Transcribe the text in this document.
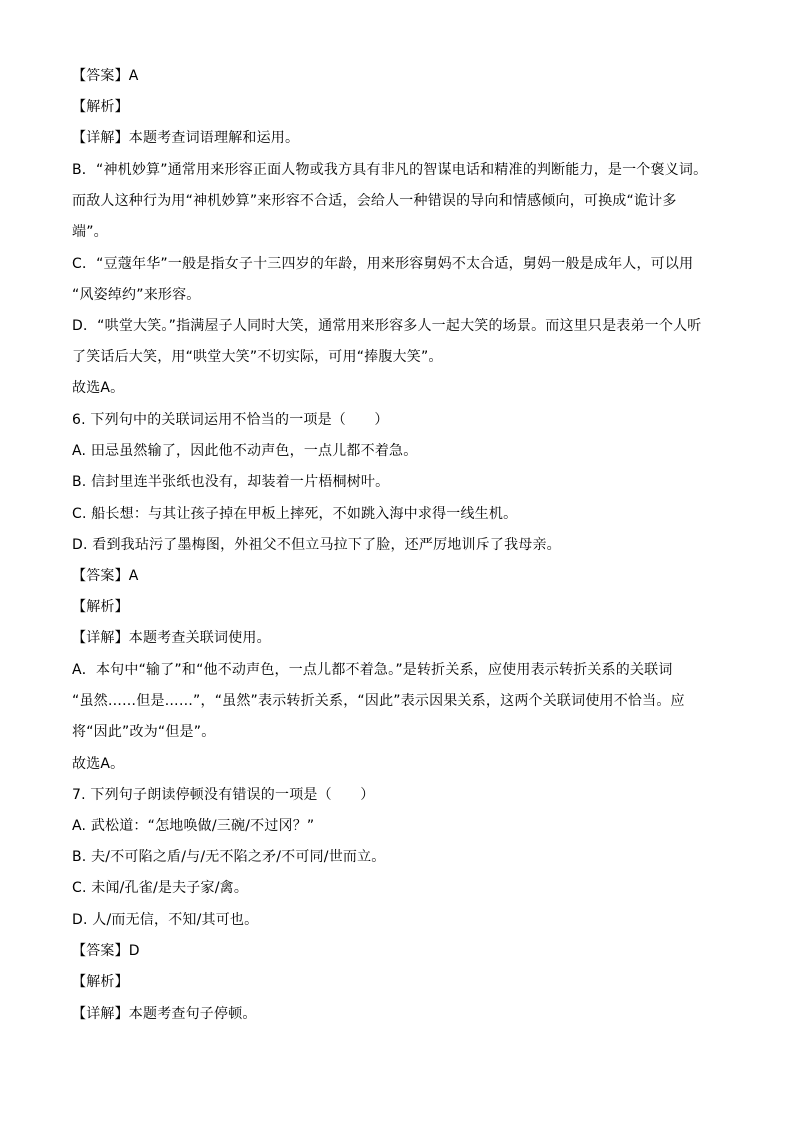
【答案】A
【解析】
【详解】本题考查词语理解和运用。
B．“神机妙算”通常用来形容正面人物或我方具有非凡的智谋电话和精准的判断能力，是一个褒义词。
而敌人这种行为用“神机妙算”来形容不合适，会给人一种错误的导向和情感倾向，可换成“诡计多
端”。
C．“豆蔻年华”一般是指女子十三四岁的年龄，用来形容舅妈不太合适，舅妈一般是成年人，可以用
“风姿绰约”来形容。
D．“哄堂大笑。”指满屋子人同时大笑，通常用来形容多人一起大笑的场景。而这里只是表弟一个人听
了笑话后大笑，用“哄堂大笑”不切实际，可用“捧腹大笑”。
故选A。
6. 下列句中的关联词运用不恰当的一项是（　　）
A. 田忌虽然输了，因此他不动声色，一点儿都不着急。
B. 信封里连半张纸也没有，却装着一片梧桐树叶。
C. 船长想：与其让孩子掉在甲板上摔死，不如跳入海中求得一线生机。
D. 看到我玷污了墨梅图，外祖父不但立马拉下了脸，还严厉地训斥了我母亲。
【答案】A
【解析】
【详解】本题考查关联词使用。
A．本句中“输了”和“他不动声色，一点儿都不着急。”是转折关系，应使用表示转折关系的关联词
“虽然……但是……”，“虽然”表示转折关系，“因此”表示因果关系，这两个关联词使用不恰当。应
将“因此”改为“但是”。
故选A。
7. 下列句子朗读停顿没有错误的一项是（　　）
A. 武松道：“怎地唤做/三碗/不过冈？”
B. 夫/不可陷之盾/与/无不陷之矛/不可同/世而立。
C. 未闻/孔雀/是夫子家/禽。
D. 人/而无信，不知/其可也。
【答案】D
【解析】
【详解】本题考查句子停顿。
